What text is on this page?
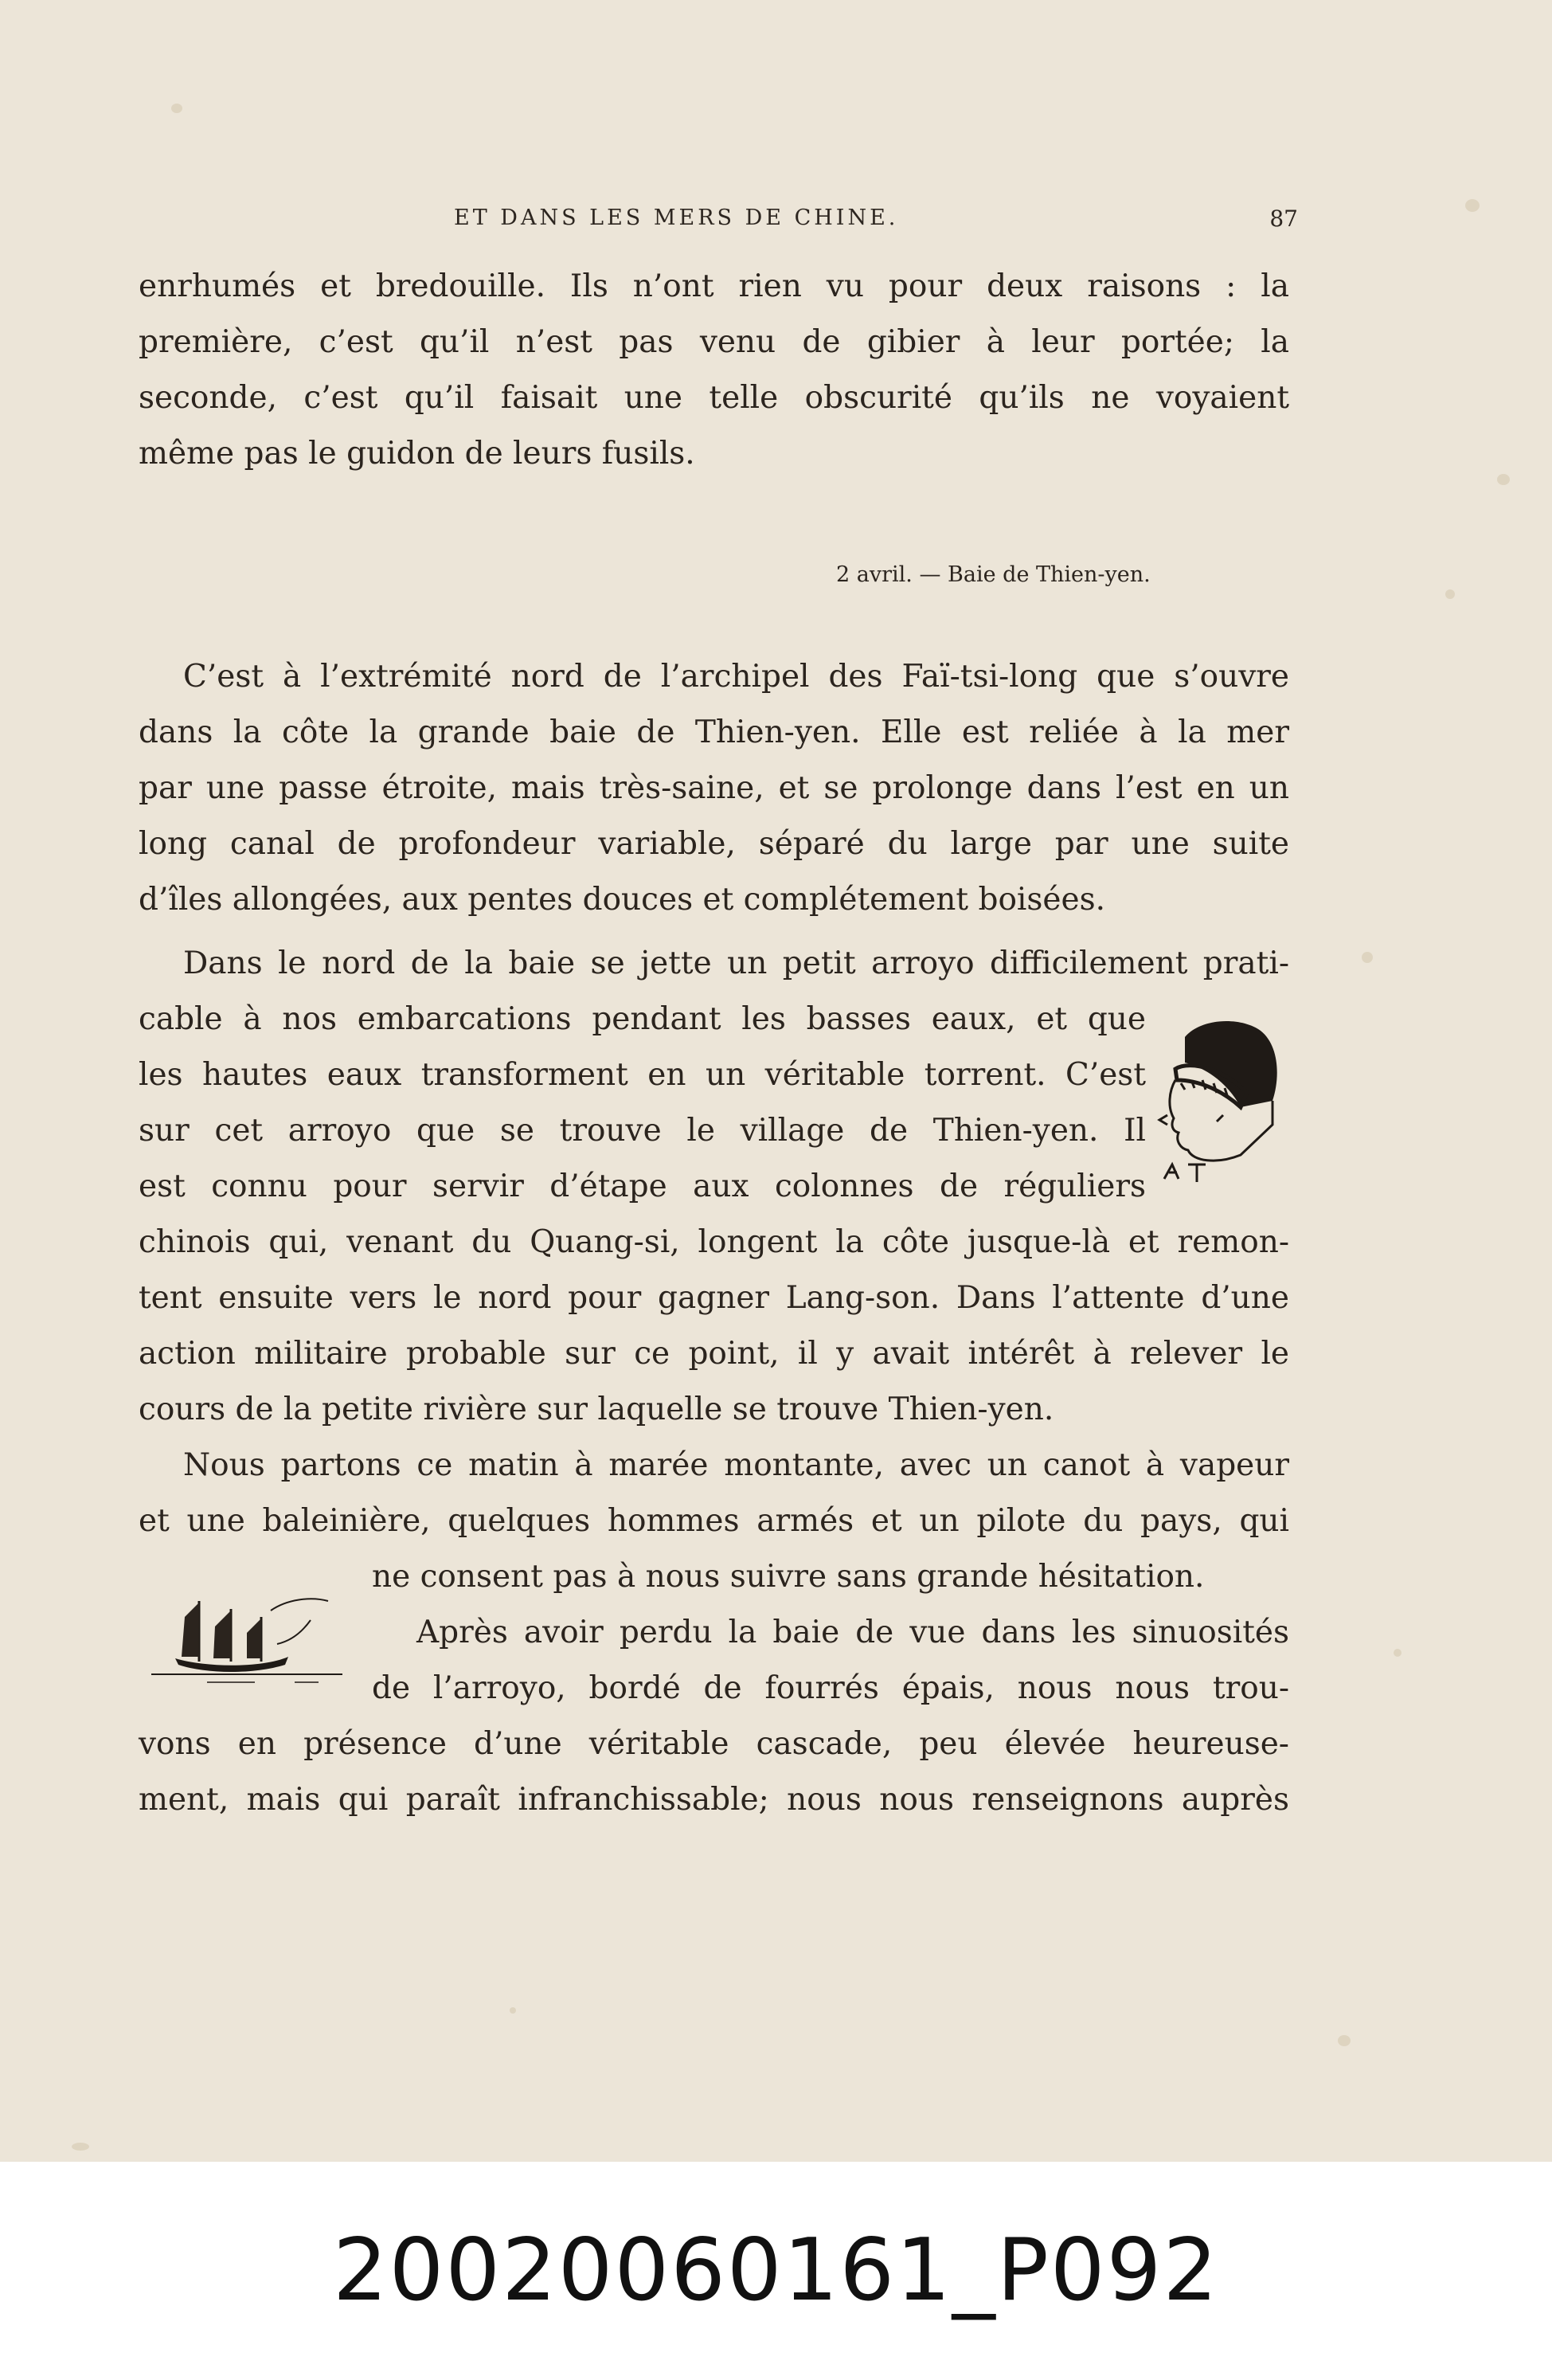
ET DANS LES MERS DE CHINE.	87
enrhumés et bredouille. Ils n’ont rien vu pour deux raisons : la
première, c’est qu’il n’est pas venu de gibier à leur portée; la
seconde, c’est qu’il faisait une telle obscurité qu’ils ne voyaient
même pas le guidon de leurs fusils.
2 avril. — Baie de Thien-yen.
C’est à l’extrémité nord de l’archipel des Faï-tsi-long que s’ouvre
dans la côte la grande baie de Thien-yen. Elle est reliée à la mer
par une passe étroite, mais très-saine, et se prolonge dans l’est en un
long canal de profondeur variable, séparé du large par une suite
d’îles allongées, aux pentes douces et complétement boisées.
Dans le nord de la baie se jette un petit arroyo difficilement prati-
cable à nos embarcations pendant les basses eaux, et que
les hautes eaux transforment en un véritable torrent. C’est
sur cet arroyo que se trouve le village de Thien-yen. Il
est connu pour servir d’étape aux colonnes de réguliers
chinois qui, venant du Quang-si, longent la côte jusque-là et remon-
tent ensuite vers le nord pour gagner Lang-son. Dans l’attente d’une
action militaire probable sur ce point, il y avait intérêt à relever le
cours de la petite rivière sur laquelle se trouve Thien-yen.
Nous partons ce matin à marée montante, avec un canot à vapeur
et une baleinière, quelques hommes armés et un pilote du pays, qui
ne consent pas à nous suivre sans grande hésitation.
Après avoir perdu la baie de vue dans les sinuosités
de l’arroyo, bordé de fourrés épais, nous nous trou-
vons en présence d’une véritable cascade, peu élevée heureuse-
ment, mais qui paraît infranchissable; nous nous renseignons auprès
20020060161_P092
